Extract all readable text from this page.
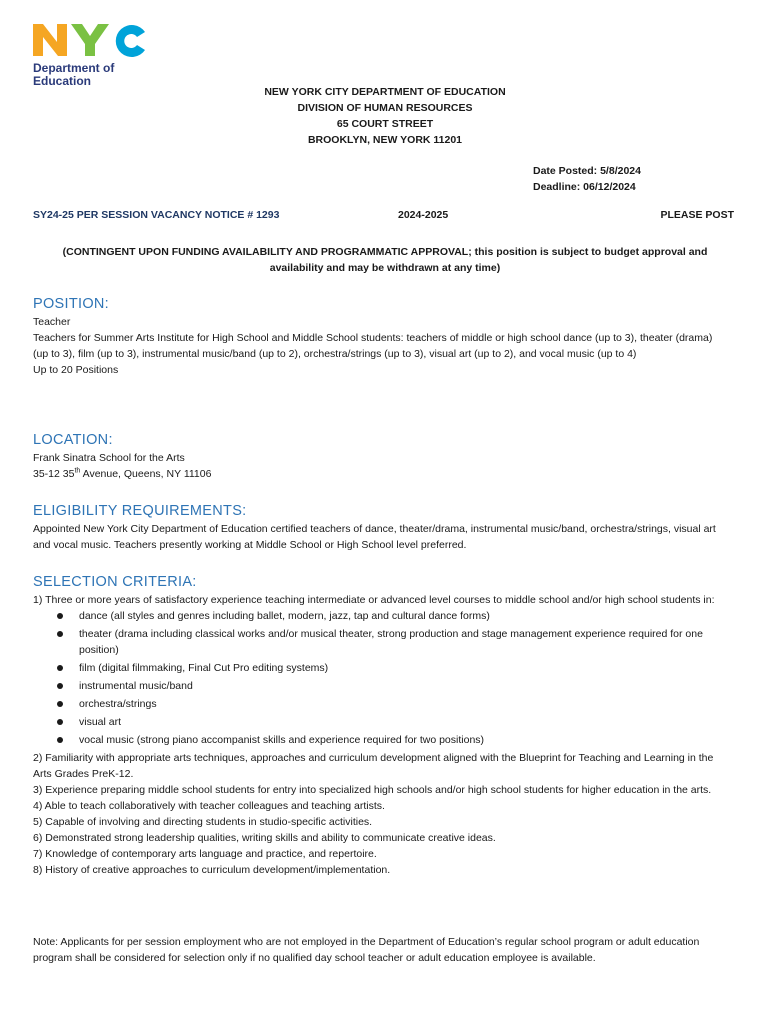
Department of
Education
NEW YORK CITY DEPARTMENT OF EDUCATION
DIVISION OF HUMAN RESOURCES
65 COURT STREET
BROOKLYN, NEW YORK 11201
Date Posted: 5/8/2024
Deadline: 06/12/2024
SY24-25 PER SESSION VACANCY NOTICE # 1293	2024-2025	PLEASE POST
(CONTINGENT UPON FUNDING AVAILABILITY AND PROGRAMMATIC APPROVAL; this position is subject to budget approval and availability and may be withdrawn at any time)
POSITION:

Teacher

Teachers for Summer Arts Institute for High School and Middle School students: teachers of middle or high school dance (up to 3), theater (drama) (up to 3), film (up to 3), instrumental music/band (up to 2), orchestra/strings (up to 3), visual art (up to 2), and vocal music (up to 4)

Up to 20 Positions

LOCATION:

Frank Sinatra School for the Arts

35-12 35th Avenue, Queens, NY 11106

ELIGIBILITY REQUIREMENTS:

Appointed New York City Department of Education certified teachers of dance, theater/drama, instrumental music/band, orchestra/strings, visual art and vocal music. Teachers presently working at Middle School or High School level preferred.

SELECTION CRITERIA:

1) Three or more years of satisfactory experience teaching intermediate or advanced level courses to middle school and/or high school students in:

dance (all styles and genres including ballet, modern, jazz, tap and cultural dance forms)
theater (drama including classical works and/or musical theater, strong production and stage management experience required for one position)
film (digital filmmaking, Final Cut Pro editing systems)
instrumental music/band
orchestra/strings
visual art
vocal music (strong piano accompanist skills and experience required for two positions)

2) Familiarity with appropriate arts techniques, approaches and curriculum development aligned with the Blueprint for Teaching and Learning in the Arts Grades PreK-12.

3) Experience preparing middle school students for entry into specialized high schools and/or high school students for higher education in the arts.

4) Able to teach collaboratively with teacher colleagues and teaching artists.

5) Capable of involving and directing students in studio-specific activities.

6) Demonstrated strong leadership qualities, writing skills and ability to communicate creative ideas.

7) Knowledge of contemporary arts language and practice, and repertoire.

8) History of creative approaches to curriculum development/implementation.

Note: Applicants for per session employment who are not employed in the Department of Education’s regular school program or adult education program shall be considered for selection only if no qualified day school teacher or adult education employee is available.
